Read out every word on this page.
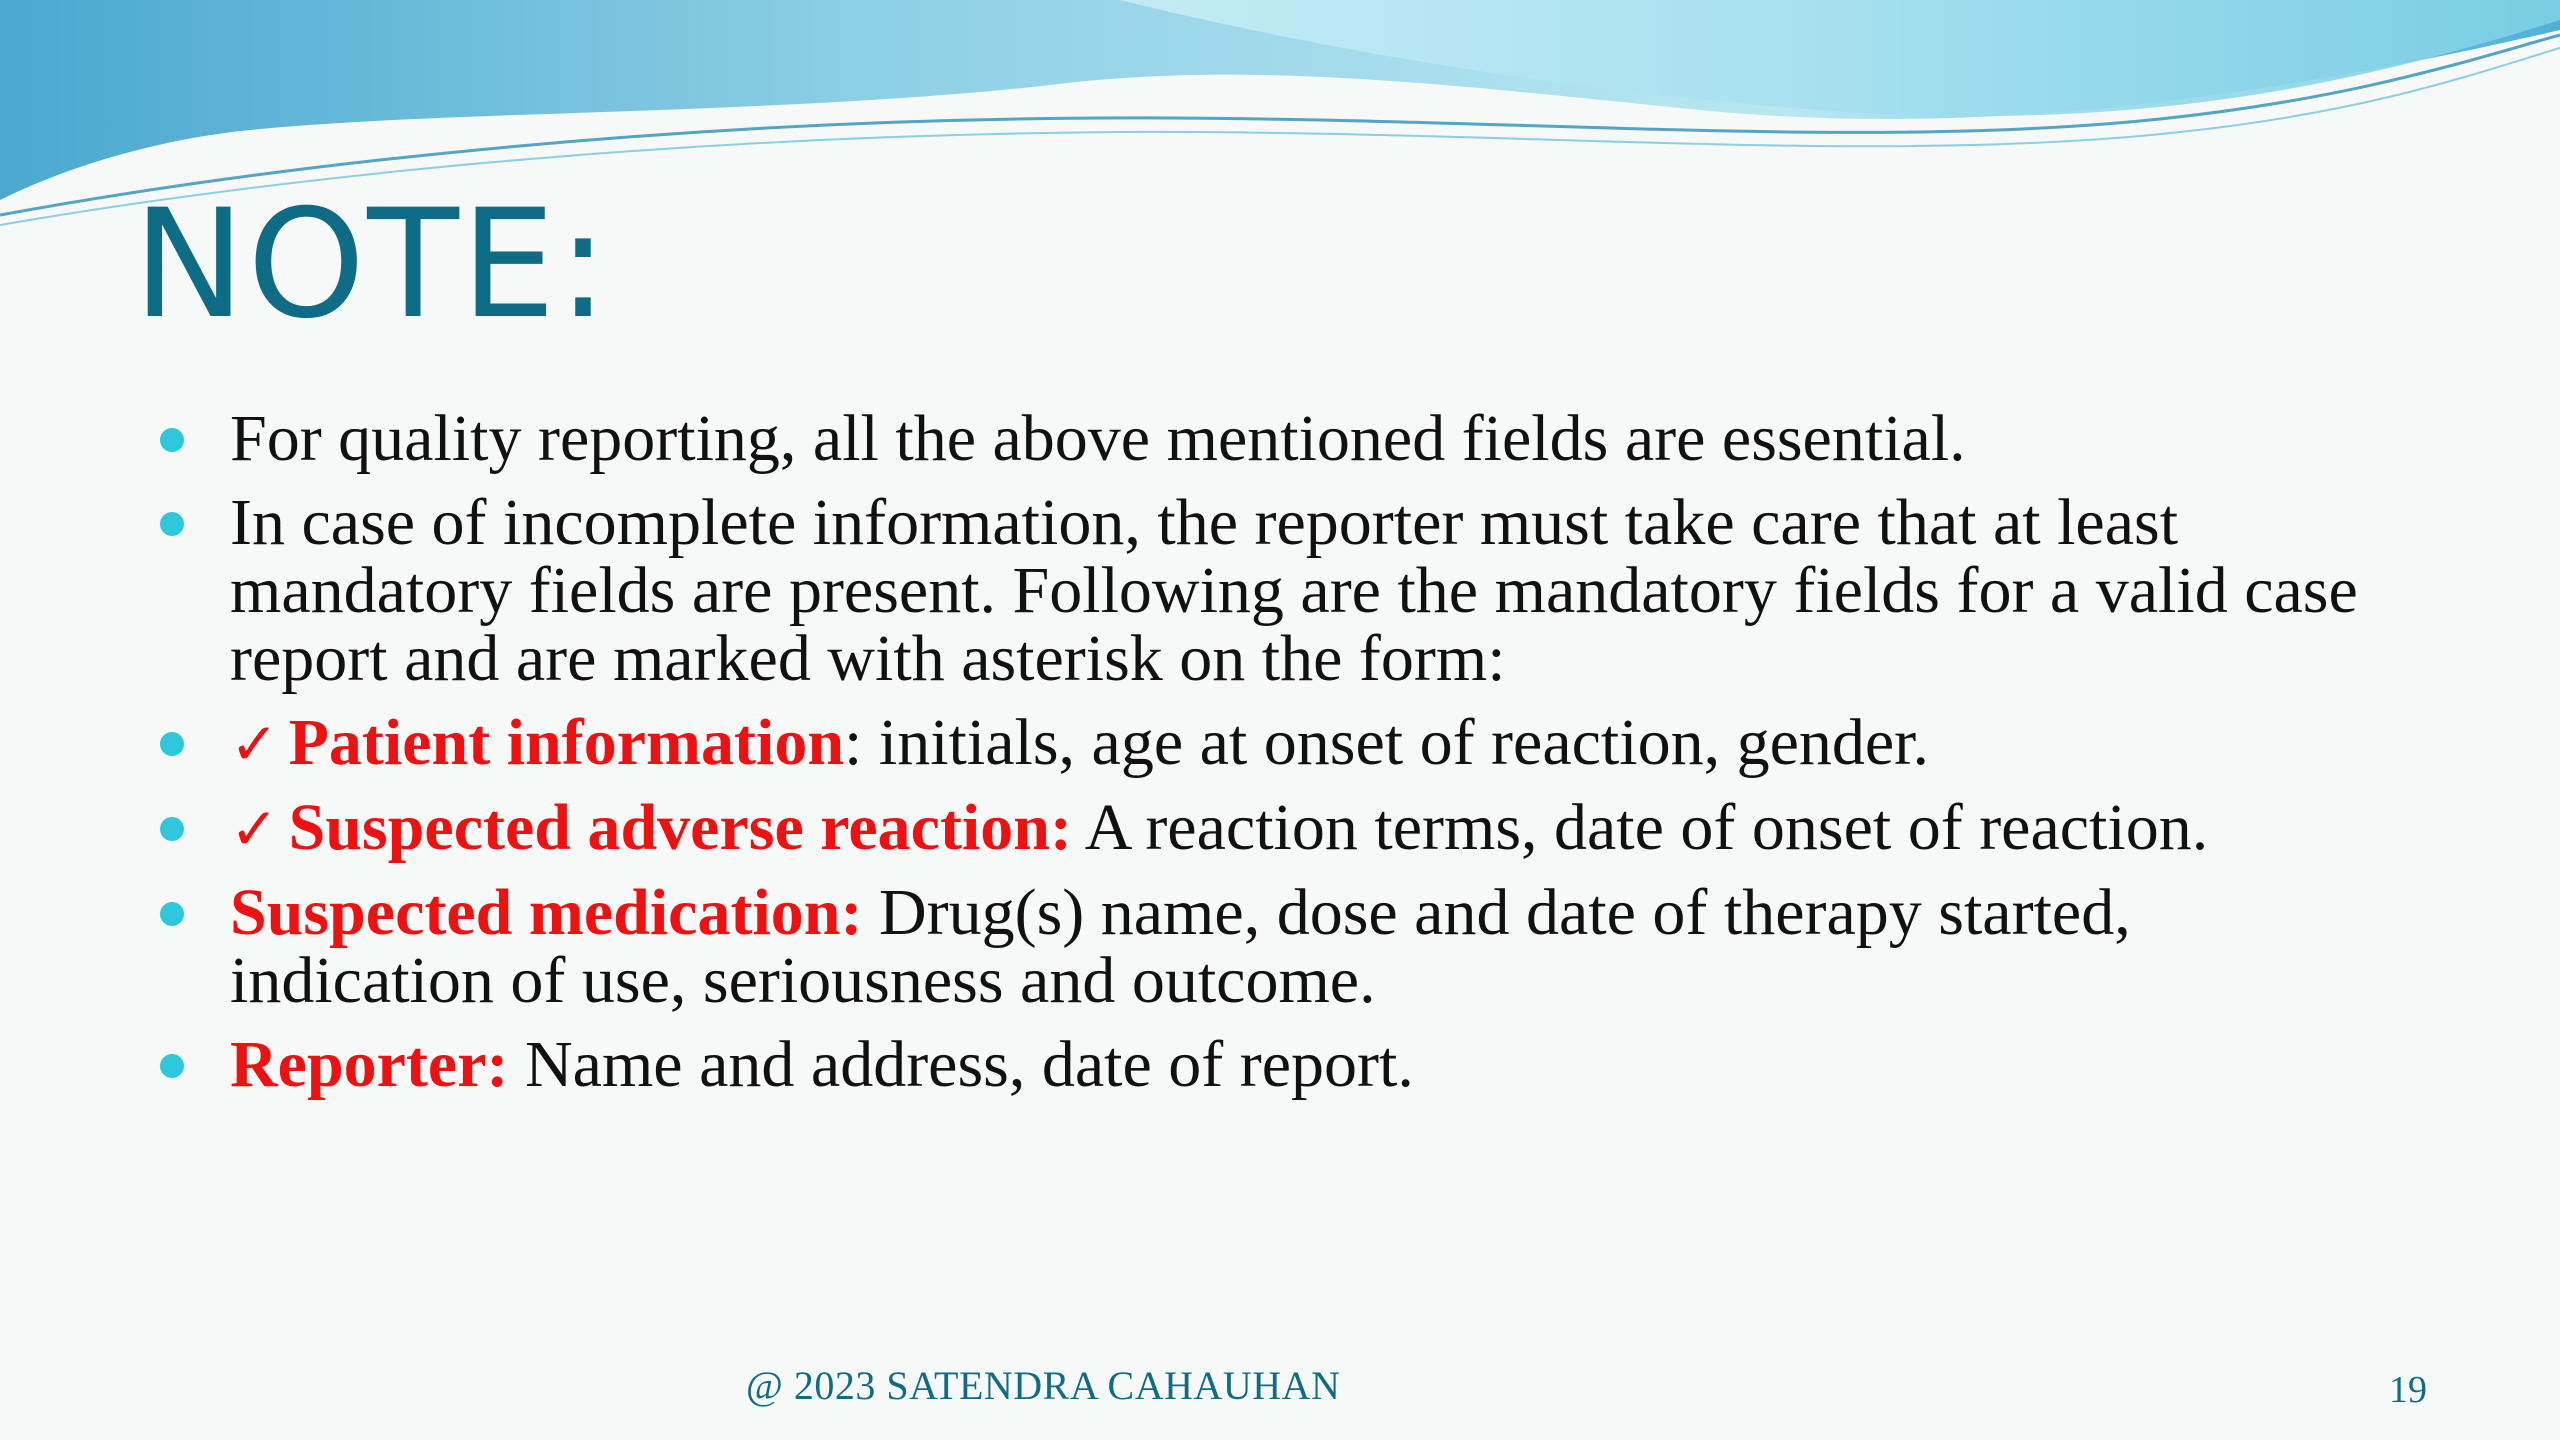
NOTE:
For quality reporting, all the above mentioned fields are essential.
In case of incomplete information, the reporter must take care that at least mandatory fields are present. Following are the mandatory fields for a valid case report and are marked with asterisk on the form:
✓ Patient information: initials, age at onset of reaction, gender.
✓ Suspected adverse reaction: A reaction terms, date of onset of reaction.
Suspected medication: Drug(s) name, dose and date of therapy started, indication of use, seriousness and outcome.
Reporter: Name and address, date of report.
@ 2023 SATENDRA CAHAUHAN	19
